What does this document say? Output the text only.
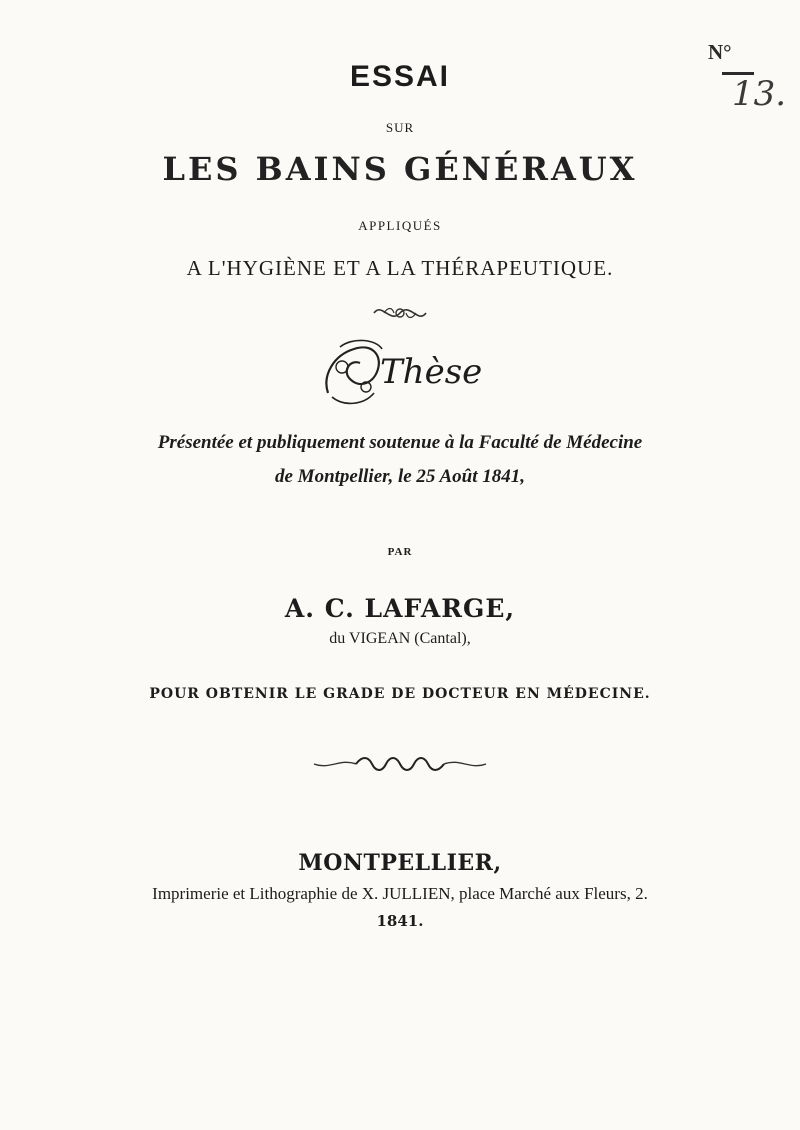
N°
13.
ESSAI
SUR
LES BAINS GÉNÉRAUX
APPLIQUÉS
A L'HYGIÈNE ET A LA THÉRAPEUTIQUE.
Thèse
Présentée et publiquement soutenue à la Faculté de Médecine
de Montpellier, le 25 Août 1841,
PAR
A. C. LAFARGE,
du VIGEAN (Cantal),
POUR OBTENIR LE GRADE DE DOCTEUR EN MÉDECINE.
MONTPELLIER,
Imprimerie et Lithographie de X. JULLIEN, place Marché aux Fleurs, 2.
1841.
